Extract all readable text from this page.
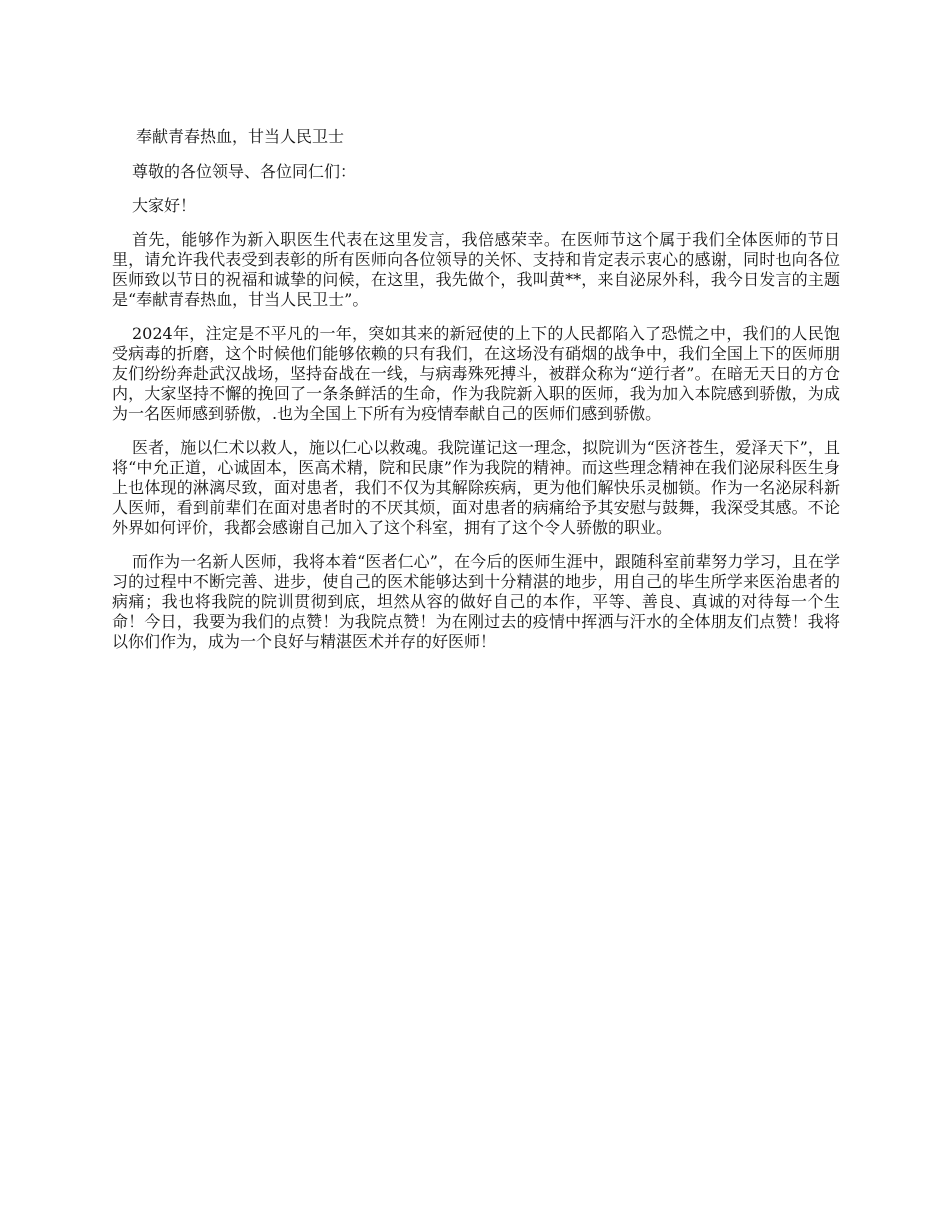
奉献青春热血，甘当人民卫士

尊敬的各位领导、各位同仁们：

大家好！

首先，能够作为新入职医生代表在这里发言，我倍感荣幸。在医师节这个属于我们全体医师的节日里，请允许我代表受到表彰的所有医师向各位领导的关怀、支持和肯定表示衷心的感谢，同时也向各位医师致以节日的祝福和诚挚的问候，在这里，我先做个，我叫黄**，来自泌尿外科，我今日发言的主题是“奉献青春热血，甘当人民卫士”。

2024年，注定是不平凡的一年，突如其来的新冠使的上下的人民都陷入了恐慌之中，我们的人民饱受病毒的折磨，这个时候他们能够依赖的只有我们，在这场没有硝烟的战争中，我们全国上下的医师朋友们纷纷奔赴武汉战场，坚持奋战在一线，与病毒殊死搏斗，被群众称为“逆行者”。在暗无天日的方仓内，大家坚持不懈的挽回了一条条鲜活的生命，作为我院新入职的医师，我为加入本院感到骄傲，为成为一名医师感到骄傲，.也为全国上下所有为疫情奉献自己的医师们感到骄傲。

医者，施以仁术以救人，施以仁心以救魂。我院谨记这一理念，拟院训为“医济苍生，爱泽天下”，且将“中允正道，心诚固本，医高术精，院和民康”作为我院的精神。而这些理念精神在我们泌尿科医生身上也体现的淋漓尽致，面对患者，我们不仅为其解除疾病，更为他们解快乐灵枷锁。作为一名泌尿科新人医师，看到前辈们在面对患者时的不厌其烦，面对患者的病痛给予其安慰与鼓舞，我深受其感。不论外界如何评价，我都会感谢自己加入了这个科室，拥有了这个令人骄傲的职业。

而作为一名新人医师，我将本着“医者仁心”，在今后的医师生涯中，跟随科室前辈努力学习，且在学习的过程中不断完善、进步，使自己的医术能够达到十分精湛的地步，用自己的毕生所学来医治患者的病痛；我也将我院的院训贯彻到底，坦然从容的做好自己的本作，平等、善良、真诚的对待每一个生命！今日，我要为我们的点赞！为我院点赞！为在刚过去的疫情中挥洒与汗水的全体朋友们点赞！我将以你们作为，成为一个良好与精湛医术并存的好医师！
